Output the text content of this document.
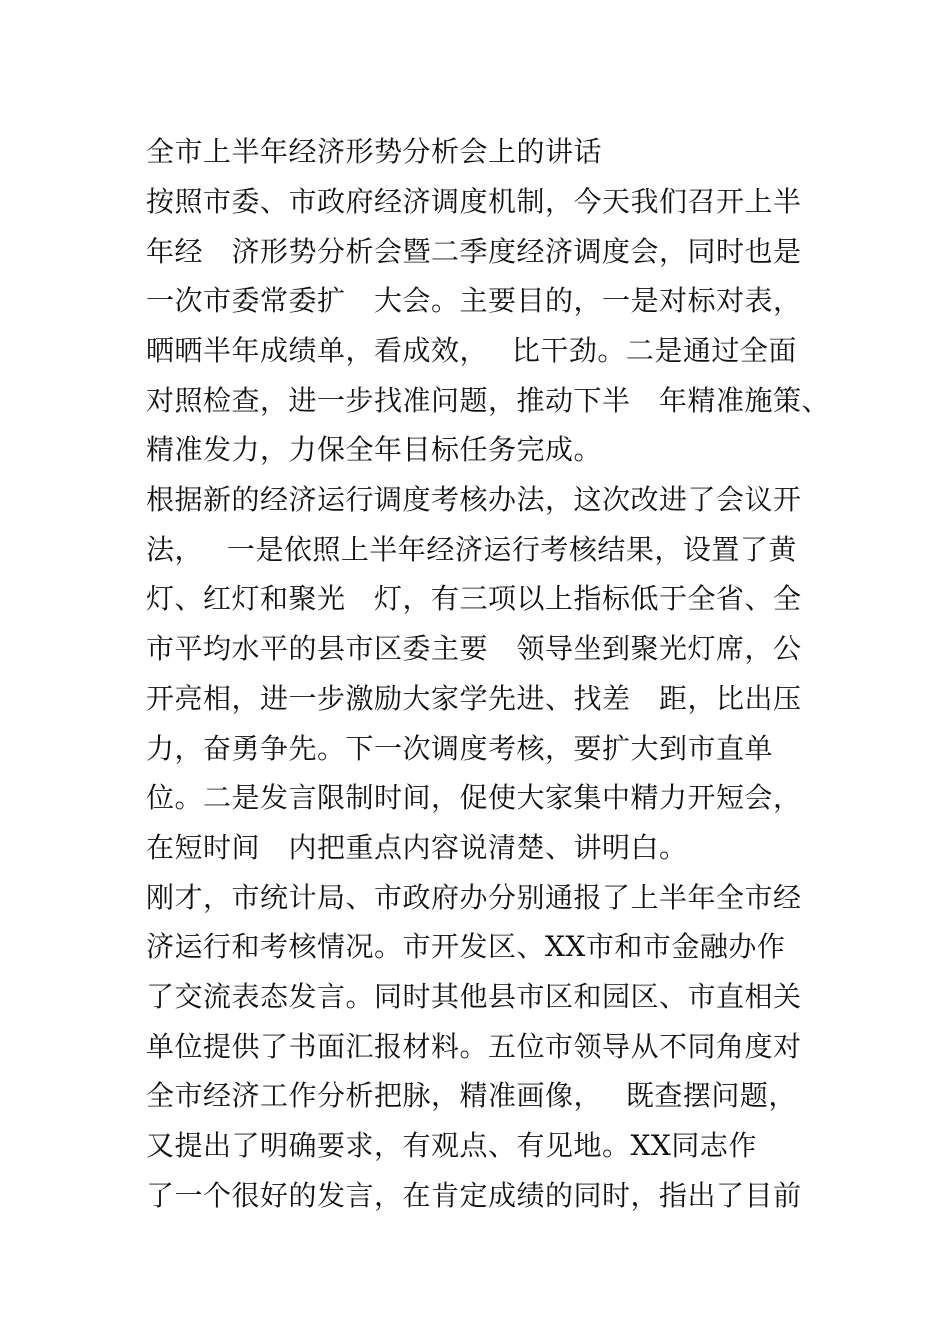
全市上半年经济形势分析会上的讲话
按照市委、市政府经济调度机制，今天我们召开上半
年经　济形势分析会暨二季度经济调度会，同时也是
一次市委常委扩　大会。主要目的，一是对标对表，
晒晒半年成绩单，看成效，　 比干劲。二是通过全面
对照检查，进一步找准问题，推动下半　年精准施策、
精准发力，力保全年目标任务完成。
根据新的经济运行调度考核办法，这次改进了会议开
法，　 一是依照上半年经济运行考核结果，设置了黄
灯、红灯和聚光　灯，有三项以上指标低于全省、全
市平均水平的县市区委主要　领导坐到聚光灯席，公
开亮相，进一步激励大家学先进、找差　距，比出压
力，奋勇争先。下一次调度考核，要扩大到市直单
位。二是发言限制时间，促使大家集中精力开短会，
在短时间　内把重点内容说清楚、讲明白。
刚才，市统计局、市政府办分别通报了上半年全市经
济运行和考核情况。市开发区、XX市和市金融办作
了交流表态发言。同时其他县市区和园区、市直相关
单位提供了书面汇报材料。五位市领导从不同角度对
全市经济工作分析把脉，精准画像，　 既查摆问题，
又提出了明确要求，有观点、有见地。XX同志作
了一个很好的发言，在肯定成绩的同时，指出了目前
